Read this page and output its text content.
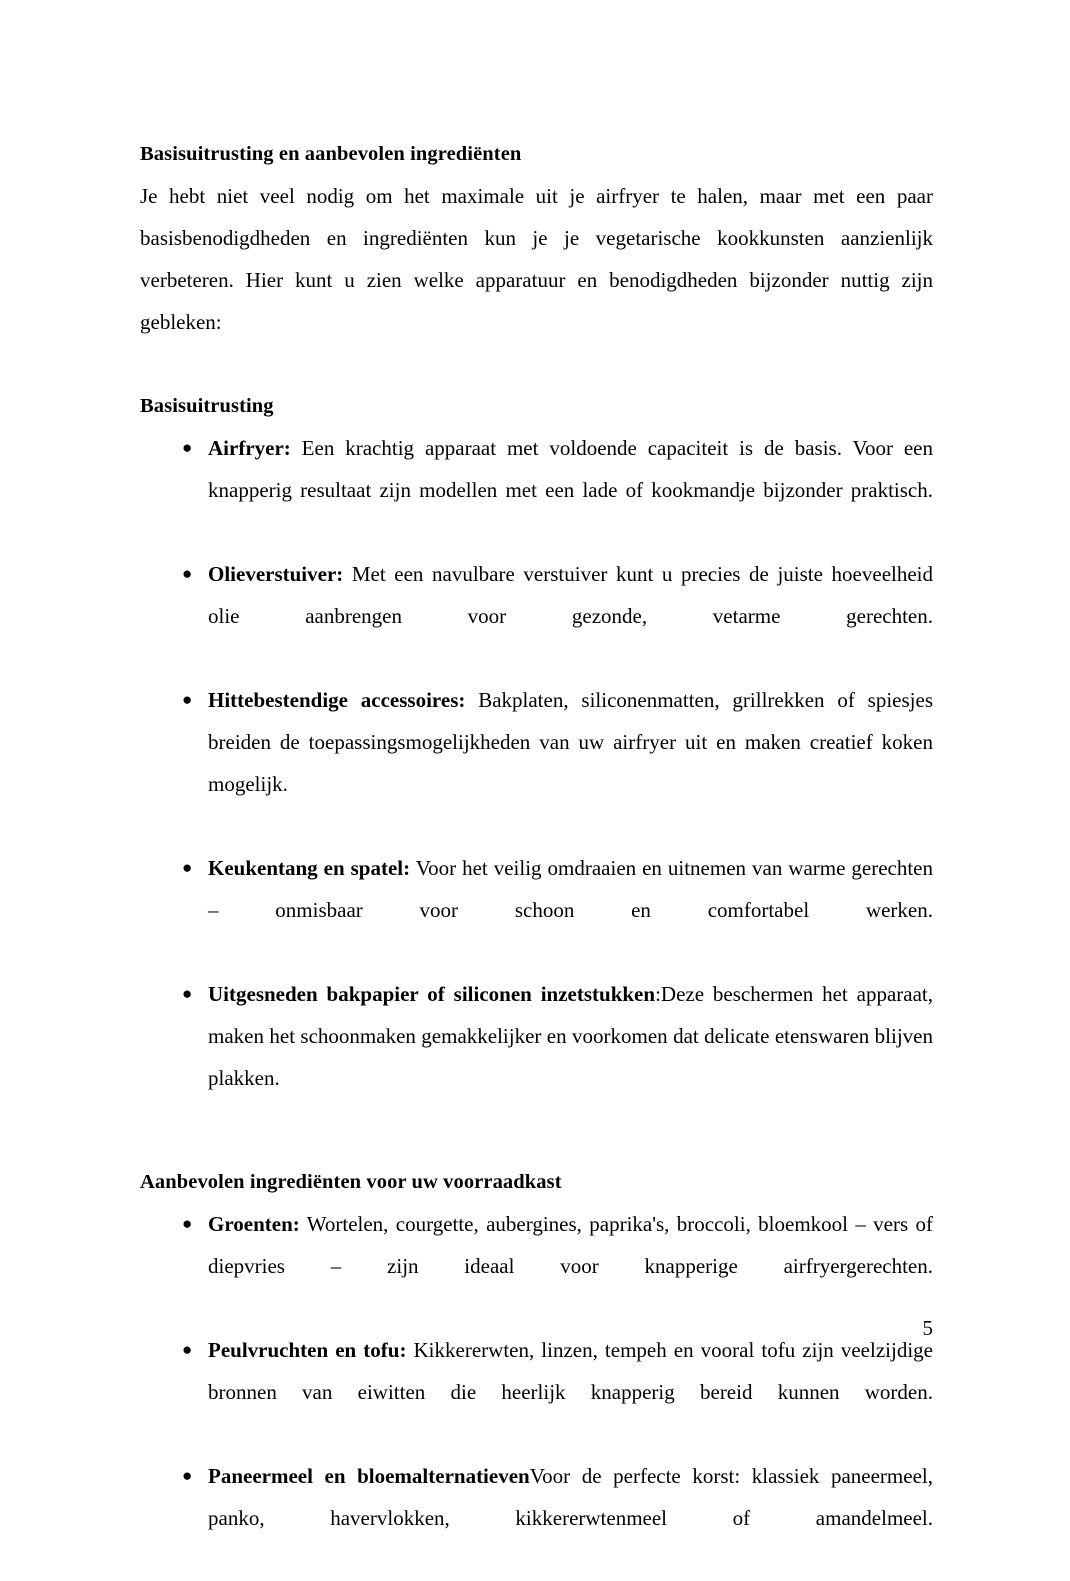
Basisuitrusting en aanbevolen ingrediënten

Je hebt niet veel nodig om het maximale uit je airfryer te halen, maar met een paar basisbenodigdheden en ingrediënten kun je je vegetarische kookkunsten aanzienlijk verbeteren. Hier kunt u zien welke apparatuur en benodigdheden bijzonder nuttig zijn gebleken:

Basisuitrusting
● Airfryer: Een krachtig apparaat met voldoende capaciteit is de basis. Voor een knapperig resultaat zijn modellen met een lade of kookmandje bijzonder praktisch.
● Olieverstuiver: Met een navulbare verstuiver kunt u precies de juiste hoeveelheid olie aanbrengen voor gezonde, vetarme gerechten.
● Hittebestendige accessoires: Bakplaten, siliconenmatten, grillrekken of spiesjes breiden de toepassingsmogelijkheden van uw airfryer uit en maken creatief koken mogelijk.
● Keukentang en spatel: Voor het veilig omdraaien en uitnemen van warme gerechten – onmisbaar voor schoon en comfortabel werken.
● Uitgesneden bakpapier of siliconen inzetstukken:Deze beschermen het apparaat, maken het schoonmaken gemakkelijker en voorkomen dat delicate etenswaren blijven plakken.
Aanbevolen ingrediënten voor uw voorraadkast
● Groenten: Wortelen, courgette, aubergines, paprika's, broccoli, bloemkool – vers of diepvries – zijn ideaal voor knapperige airfryergerechten.
● Peulvruchten en tofu: Kikkererwten, linzen, tempeh en vooral tofu zijn veelzijdige bronnen van eiwitten die heerlijk knapperig bereid kunnen worden.
● Paneermeel en bloemalternatievenVoor de perfecte korst: klassiek paneermeel, panko, havervlokken, kikkererwtenmeel of amandelmeel.
5
